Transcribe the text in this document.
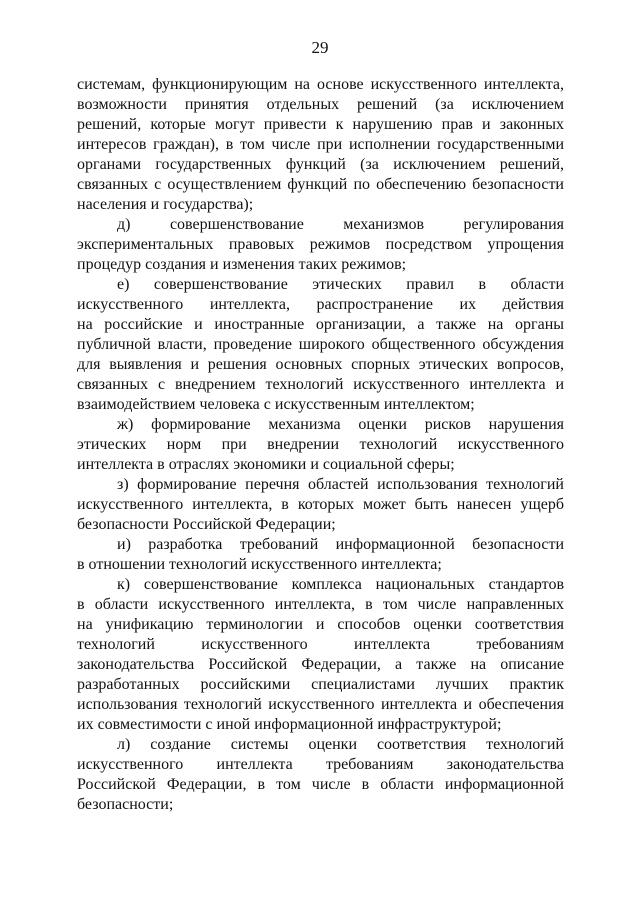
29
системам, функционирующим на основе искусственного интеллекта,
возможности принятия отдельных решений (за исключением
решений, которые могут привести к нарушению прав и законных
интересов граждан), в том числе при исполнении государственными
органами государственных функций (за исключением решений,
связанных с осуществлением функций по обеспечению безопасности
населения и государства);
д) совершенствование механизмов регулирования
экспериментальных правовых режимов посредством упрощения
процедур создания и изменения таких режимов;
е) совершенствование этических правил в области
искусственного интеллекта, распространение их действия
на российские и иностранные организации, а также на органы
публичной власти, проведение широкого общественного обсуждения
для выявления и решения основных спорных этических вопросов,
связанных с внедрением технологий искусственного интеллекта и
взаимодействием человека с искусственным интеллектом;
ж) формирование механизма оценки рисков нарушения
этических норм при внедрении технологий искусственного
интеллекта в отраслях экономики и социальной сферы;
з) формирование перечня областей использования технологий
искусственного интеллекта, в которых может быть нанесен ущерб
безопасности Российской Федерации;
и) разработка требований информационной безопасности
в отношении технологий искусственного интеллекта;
к) совершенствование комплекса национальных стандартов
в области искусственного интеллекта, в том числе направленных
на унификацию терминологии и способов оценки соответствия
технологий искусственного интеллекта требованиям
законодательства Российской Федерации, а также на описание
разработанных российскими специалистами лучших практик
использования технологий искусственного интеллекта и обеспечения
их совместимости с иной информационной инфраструктурой;
л) создание системы оценки соответствия технологий
искусственного интеллекта требованиям законодательства
Российской Федерации, в том числе в области информационной
безопасности;
